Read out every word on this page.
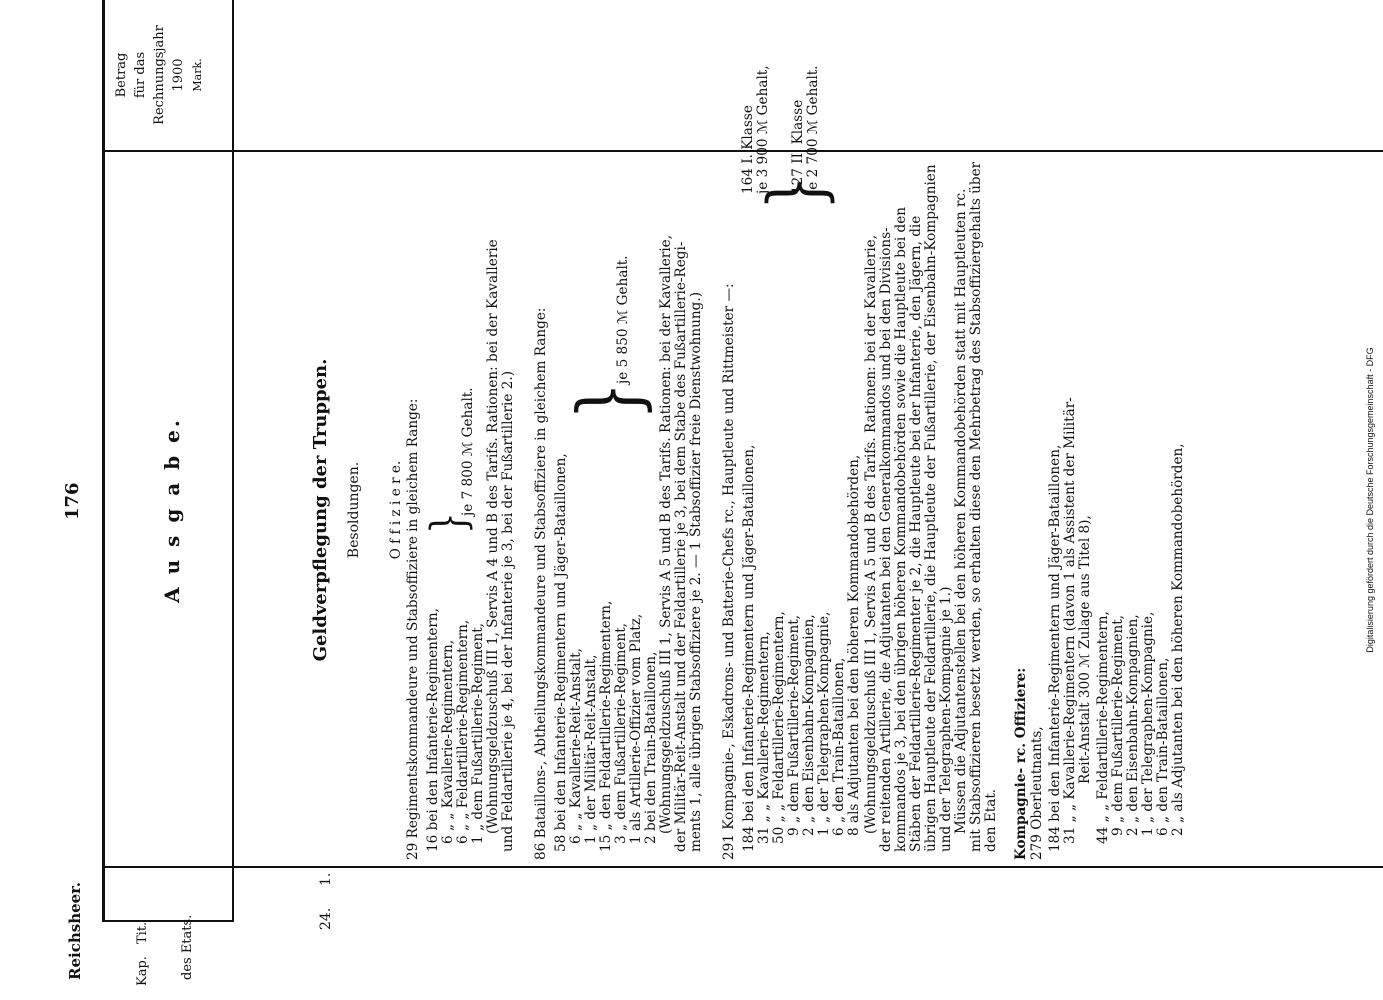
Reichsheer.
176
Kap.
Tit. des Etats.
Betrag für das Rechnungsjahr 1900 Mark.
24.
1.
A u s g a b e.	Geldverpflegung der Truppen. Besoldungen. O f f i z i e r e. 29 Regimentskommandeure und Stabsoffiziere in gleichem Range: 16 bei den Infanterie-Regimentern, 6 „ „ Kavallerie-Regimentern, 6 „ „ Feldartillerie-Regimentern, 1 „ dem Fußartillerie-Regiment, (Wohnungsgeldzuschuß III 1, Servis A 4 und B des Tarifs. Rationen: bei der Kavallerie und Feldartillerie je 4, bei der Infanterie je 3, bei der Fußartillerie 2.) 86 Bataillons-, Abtheilungskommandeure und Stabsoffiziere in gleichem Range: 58 bei den Infanterie-Regimentern und Jäger-Bataillonen, 6 „ „ Kavallerie-Reit-Anstalt, 1 „ der Militär-Reit-Anstalt, 15 „ den Feldartillerie-Regimentern, 3 „ dem Fußartillerie-Regiment, 1 als Artillerie-Offizier vom Platz, 2 bei den Train-Bataillonen, (Wohnungsgeldzuschuß III 1, Servis A 5 und B des Tarifs. Rationen: bei der Kavallerie, der Militär-Reit-Anstalt und der Feldartillerie je 3, bei dem Stabe des Fußartillerie-Regi- ments 1, alle übrigen Stabsoffiziere je 2. — 1 Stabsoffizier freie Dienstwohnung.) 291 Kompagnie-, Eskadrons- und Batterie-Chefs rc., Hauptleute und Rittmeister —: 184 bei den Infanterie-Regimentern und Jäger-Bataillonen, 31 „ „ Kavallerie-Regimentern, 50 „ „ Feldartillerie-Regimentern, 9 „ dem Fußartillerie-Regiment, 2 „ den Eisenbahn-Kompagnien, 1 „ der Telegraphen-Kompagnie, 6 „ den Train-Bataillonen, 8 als Adjutanten bei den höheren Kommandobehörden, (Wohnungsgeldzuschuß III 1, Servis A 5 und B des Tarifs. Rationen: bei der Kavallerie, der reitenden Artillerie, die Adjutanten bei den Generalkommandos und bei den Divisions- kommandos je 3, bei den übrigen höheren Kommandobehörden sowie die Hauptleute bei den Stäben der Feldartillerie-Regimenter je 2, die Hauptleute bei der Infanterie, den Jägern, die übrigen Hauptleute der Feldartillerie, die Hauptleute der Fußartillerie, der Eisenbahn-Kompagnien und der Telegraphen-Kompagnie je 1.) Müssen die Adjutantenstellen bei den höheren Kommandobehörden statt mit Hauptleuten rc. mit Stabsoffizieren besetzt werden, so erhalten diese den Mehrbetrag des Stabsoffiziergehalts über den Etat. Kompagnie- rc. Offiziere: 279 Oberleutnants, 184 bei den Infanterie-Regimentern und Jäger-Bataillonen, 31 „ „ Kavallerie-Regimentern (davon 1 als Assistent der Militär- Reit-Anstalt 300 ℳ Zulage aus Titel 8), 44 „ „ Feldartillerie-Regimentern, 9 „ dem Fußartillerie-Regiment, 2 „ den Eisenbahn-Kompagnien, 1 „ der Telegraphen-Kompagnie, 6 „ den Train-Bataillonen, 2 „ als Adjutanten bei den höheren Kommandobehörden,
}
je 7 800 ℳ Gehalt. }
je 5 850 ℳ Gehalt.
}
164 I. Klasse je 3 900 ℳ Gehalt, 127 II. Klasse je 2 700 ℳ Gehalt.
Digitalisierung gefördert durch die Deutsche Forschungsgemeinschaft - DFG
